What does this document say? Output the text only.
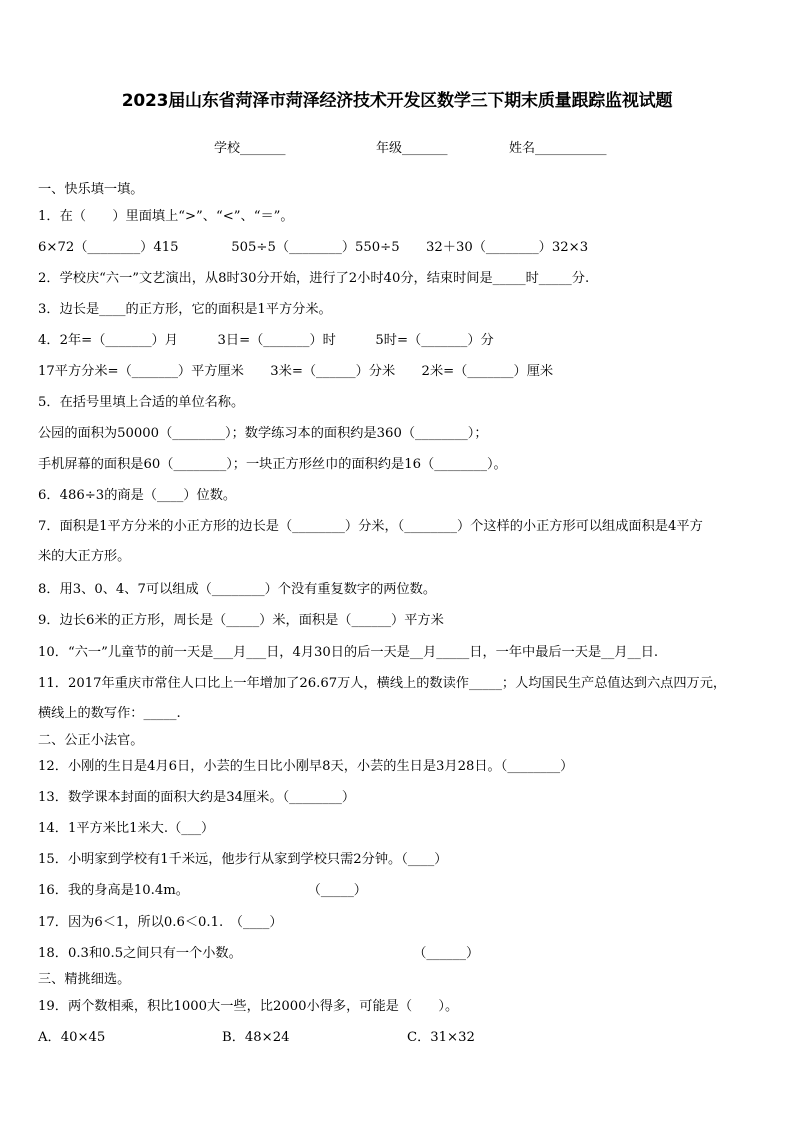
2023届山东省菏泽市菏泽经济技术开发区数学三下期末质量跟踪监视试题
学校_______	年级_______	姓名___________
一、快乐填一填。
1．在（　　）里面填上“>”、“<”、“＝”。
6×72（________）415　　　　505÷5（________）550÷5　　32＋30（________）32×3
2．学校庆“六一”文艺演出，从8时30分开始，进行了2小时40分，结束时间是_____时_____分.
3．边长是____的正方形，它的面积是1平方分米。
4．2年=（_______）月　　　3日=（_______）时　　　5时=（_______）分
17平方分米=（_______）平方厘米　　3米=（______）分米　　2米=（_______）厘米
5．在括号里填上合适的单位名称。
公园的面积为50000（________）；数学练习本的面积约是360（________）；
手机屏幕的面积是60（________）；一块正方形丝巾的面积约是16（________）。
6．486÷3的商是（____）位数。
7．面积是1平方分米的小正方形的边长是（________）分米，（________）个这样的小正方形可以组成面积是4平方
米的大正方形。
8．用3、0、4、7可以组成（________）个没有重复数字的两位数。
9．边长6米的正方形，周长是（_____）米，面积是（______）平方米
10．“六一”儿童节的前一天是___月___日，4月30日的后一天是__月_____日，一年中最后一天是__月__日.
11．2017年重庆市常住人口比上一年增加了26.67万人，横线上的数读作_____；人均国民生产总值达到六点四万元，
横线上的数写作：_____.
二、公正小法官。
12．小刚的生日是4月6日，小芸的生日比小刚早8天，小芸的生日是3月28日。（________）
13．数学课本封面的面积大约是34厘米。（________）
14．1平方米比1米大.（___）
15．小明家到学校有1千米远，他步行从家到学校只需2分钟。（____）
16．我的身高是10.4m。　　　　　　　　　　（_____）
17．因为6＜1，所以0.6＜0.1.　（____）
18．0.3和0.5之间只有一个小数。　　　　　　　　　　　　　　（______）
三、精挑细选。
19．两个数相乘，积比1000大一些，比2000小得多，可能是（　　）。
A．40×45	B．48×24	C．31×32
